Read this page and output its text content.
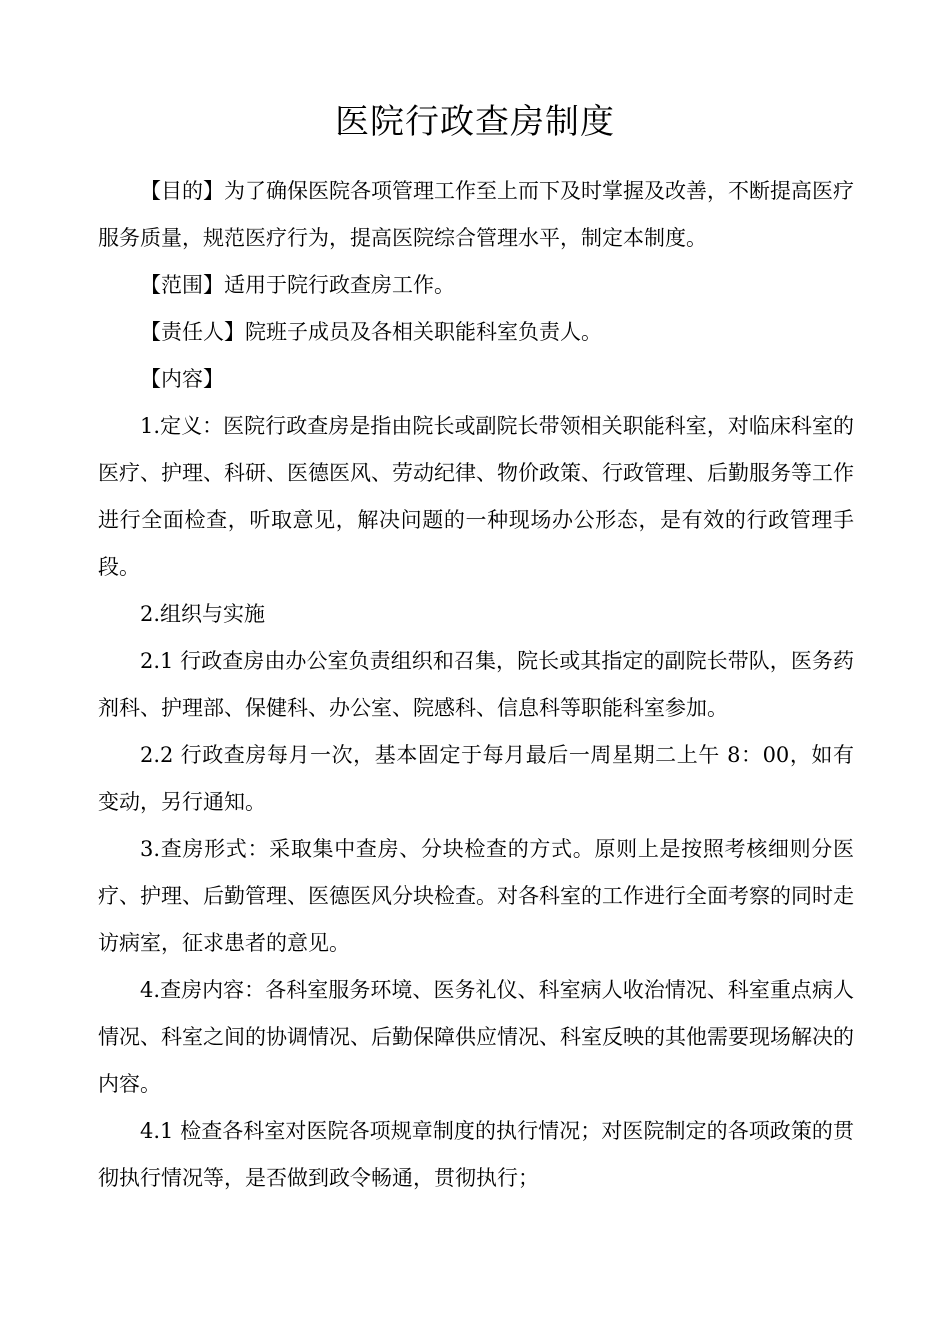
医院行政查房制度

【目的】为了确保医院各项管理工作至上而下及时掌握及改善，不断提高医疗服务质量，规范医疗行为，提高医院综合管理水平，制定本制度。

【范围】适用于院行政查房工作。

【责任人】院班子成员及各相关职能科室负责人。

【内容】

1.定义：医院行政查房是指由院长或副院长带领相关职能科室，对临床科室的医疗、护理、科研、医德医风、劳动纪律、物价政策、行政管理、后勤服务等工作进行全面检查，听取意见，解决问题的一种现场办公形态，是有效的行政管理手段。

2.组织与实施

2.1 行政查房由办公室负责组织和召集，院长或其指定的副院长带队，医务药剂科、护理部、保健科、办公室、院感科、信息科等职能科室参加。

2.2 行政查房每月一次，基本固定于每月最后一周星期二上午 8：00，如有变动，另行通知。

3.查房形式：采取集中查房、分块检查的方式。原则上是按照考核细则分医疗、护理、后勤管理、医德医风分块检查。对各科室的工作进行全面考察的同时走访病室，征求患者的意见。

4.查房内容：各科室服务环境、医务礼仪、科室病人收治情况、科室重点病人情况、科室之间的协调情况、后勤保障供应情况、科室反映的其他需要现场解决的内容。

4.1 检查各科室对医院各项规章制度的执行情况；对医院制定的各项政策的贯彻执行情况等，是否做到政令畅通，贯彻执行；
